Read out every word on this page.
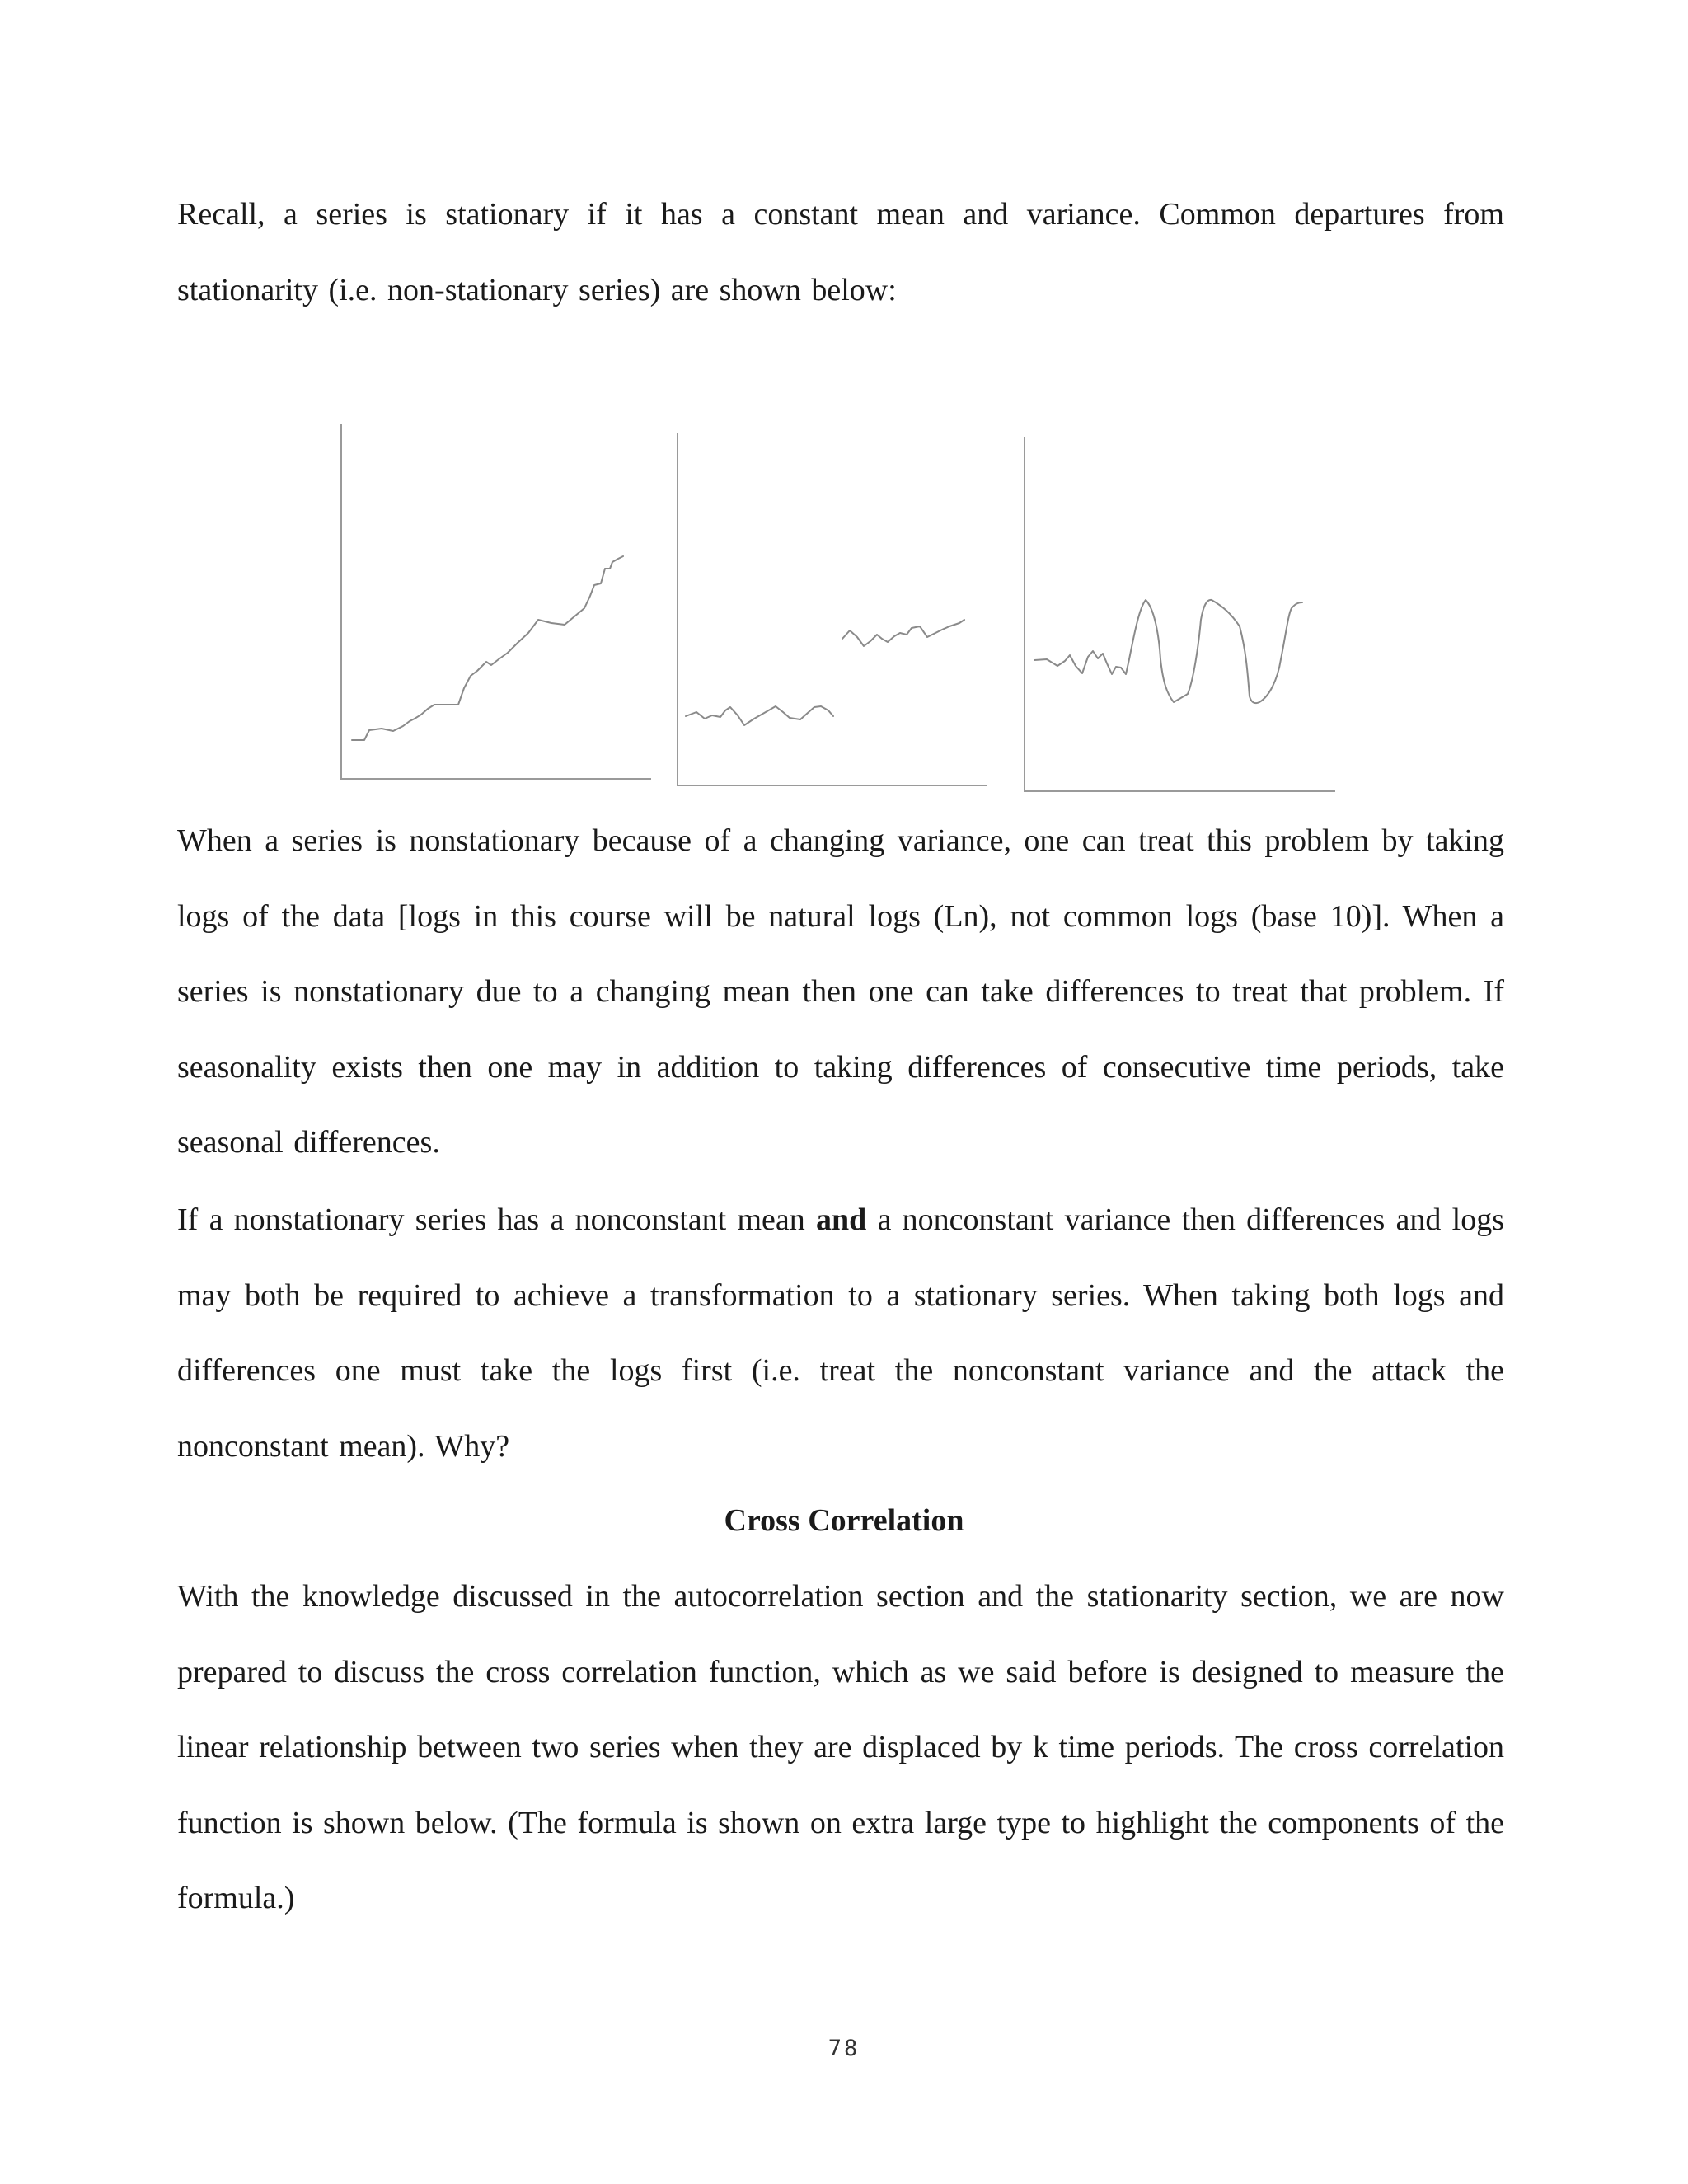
Recall, a series is stationary if it has a constant mean and variance. Common departures from stationarity (i.e. non-stationary series) are shown below:

When a series is nonstationary because of a changing variance, one can treat this problem by taking logs of the data [logs in this course will be natural logs (Ln), not common logs (base 10)]. When a series is nonstationary due to a changing mean then one can take differences to treat that problem. If seasonality exists then one may in addition to taking differences of consecutive time periods, take seasonal differences.

If a nonstationary series has a nonconstant mean and a nonconstant variance then differences and logs may both be required to achieve a transformation to a stationary series. When taking both logs and differences one must take the logs first (i.e. treat the nonconstant variance and the attack the nonconstant mean). Why?

Cross Correlation

With the knowledge discussed in the autocorrelation section and the stationarity section, we are now prepared to discuss the cross correlation function, which as we said before is designed to measure the linear relationship between two series when they are displaced by k time periods. The cross correlation function is shown below. (The formula is shown on extra large type to highlight the components of the formula.)

78
